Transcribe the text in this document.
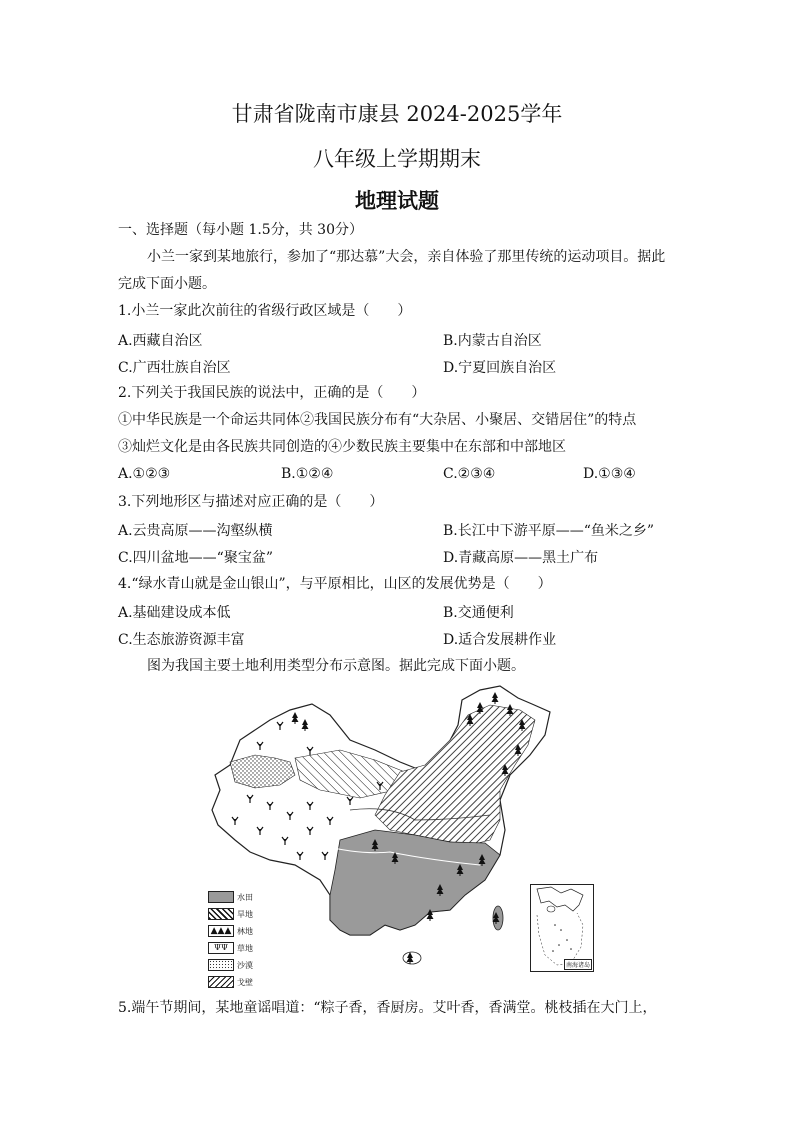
甘肃省陇南市康县 2024-2025学年
八年级上学期期末
地理试题
一、选择题（每小题 1.5分，共 30分）
小兰一家到某地旅行，参加了“那达慕”大会，亲自体验了那里传统的运动项目。据此
完成下面小题。
1.小兰一家此次前往的省级行政区域是（　　）
A.西藏自治区	B.内蒙古自治区
C.广西壮族自治区	D.宁夏回族自治区
2.下列关于我国民族的说法中，正确的是（　　）
①中华民族是一个命运共同体②我国民族分布有“大杂居、小聚居、交错居住”的特点
③灿烂文化是由各民族共同创造的④少数民族主要集中在东部和中部地区
A.①②③	B.①②④	C.②③④	D.①③④
3.下列地形区与描述对应正确的是（　　）
A.云贵高原——沟壑纵横	B.长江中下游平原——“鱼米之乡”
C.四川盆地——“聚宝盆”	D.青藏高原——黑土广布
4.“绿水青山就是金山银山”，与平原相比，山区的发展优势是（　　）
A.基础建设成本低	B.交通便利
C.生态旅游资源丰富	D.适合发展耕作业
图为我国主要土地利用类型分布示意图。据此完成下面小题。
水田
旱地
▲▲▲ 林地
ΨΨ	草地
沙漠
戈壁
南海诸岛
5.端午节期间，某地童谣唱道：“粽子香，香厨房。艾叶香，香满堂。桃枝插在大门上，
